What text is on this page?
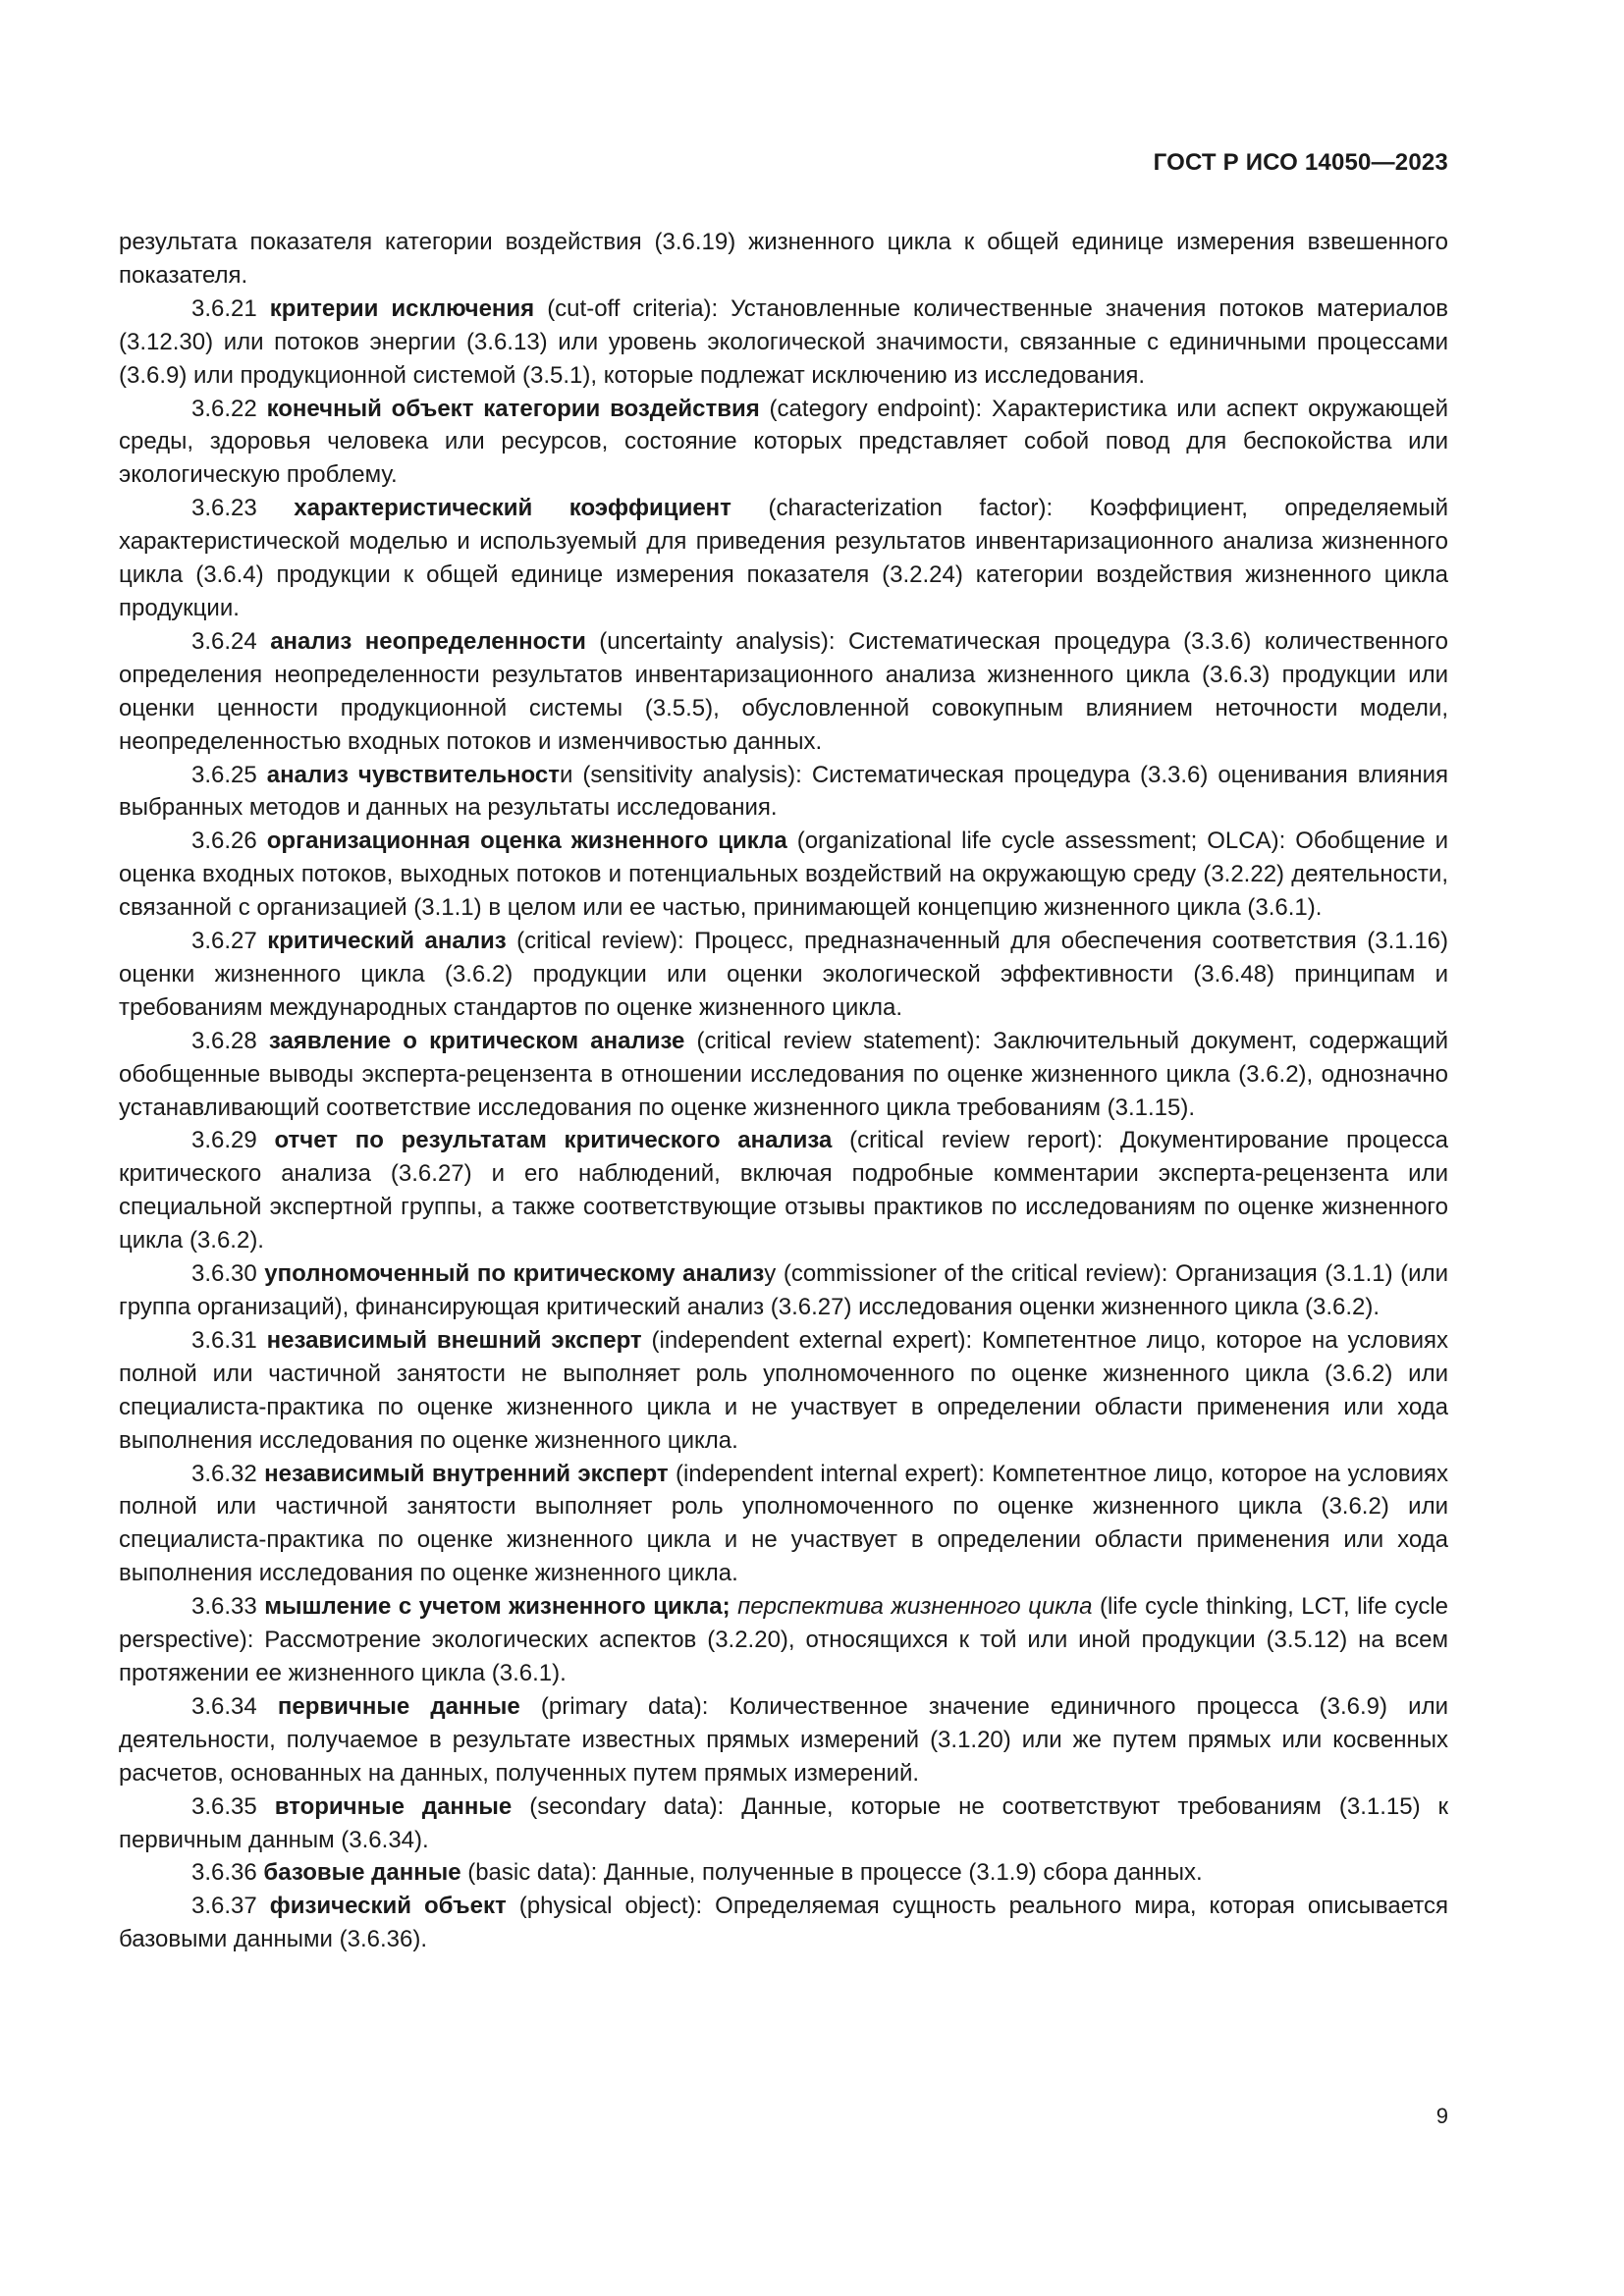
ГОСТ Р ИСО 14050—2023

результата показателя категории воздействия (3.6.19) жизненного цикла к общей единице измерения взвешенного показателя.

3.6.21 критерии исключения (cut-off criteria): Установленные количественные значения потоков материалов (3.12.30) или потоков энергии (3.6.13) или уровень экологической значимости, связанные с единичными процессами (3.6.9) или продукционной системой (3.5.1), которые подлежат исключению из исследования.

3.6.22 конечный объект категории воздействия (category endpoint): Характеристика или аспект окружающей среды, здоровья человека или ресурсов, состояние которых представляет собой повод для беспокойства или экологическую проблему.

3.6.23 характеристический коэффициент (characterization factor): Коэффициент, определяемый характеристической моделью и используемый для приведения результатов инвентаризационного анализа жизненного цикла (3.6.4) продукции к общей единице измерения показателя (3.2.24) категории воздействия жизненного цикла продукции.

3.6.24 анализ неопределенности (uncertainty analysis): Систематическая процедура (3.3.6) количественного определения неопределенности результатов инвентаризационного анализа жизненного цикла (3.6.3) продукции или оценки ценности продукционной системы (3.5.5), обусловленной совокупным влиянием неточности модели, неопределенностью входных потоков и изменчивостью данных.

3.6.25 анализ чувствительности (sensitivity analysis): Систематическая процедура (3.3.6) оценивания влияния выбранных методов и данных на результаты исследования.

3.6.26 организационная оценка жизненного цикла (organizational life cycle assessment; OLCA): Обобщение и оценка входных потоков, выходных потоков и потенциальных воздействий на окружающую среду (3.2.22) деятельности, связанной с организацией (3.1.1) в целом или ее частью, принимающей концепцию жизненного цикла (3.6.1).

3.6.27 критический анализ (critical review): Процесс, предназначенный для обеспечения соответствия (3.1.16) оценки жизненного цикла (3.6.2) продукции или оценки экологической эффективности (3.6.48) принципам и требованиям международных стандартов по оценке жизненного цикла.

3.6.28 заявление о критическом анализе (critical review statement): Заключительный документ, содержащий обобщенные выводы эксперта-рецензента в отношении исследования по оценке жизненного цикла (3.6.2), однозначно устанавливающий соответствие исследования по оценке жизненного цикла требованиям (3.1.15).

3.6.29 отчет по результатам критического анализа (critical review report): Документирование процесса критического анализа (3.6.27) и его наблюдений, включая подробные комментарии эксперта-рецензента или специальной экспертной группы, а также соответствующие отзывы практиков по исследованиям по оценке жизненного цикла (3.6.2).

3.6.30 уполномоченный по критическому анализу (commissioner of the critical review): Организация (3.1.1) (или группа организаций), финансирующая критический анализ (3.6.27) исследования оценки жизненного цикла (3.6.2).

3.6.31 независимый внешний эксперт (independent external expert): Компетентное лицо, которое на условиях полной или частичной занятости не выполняет роль уполномоченного по оценке жизненного цикла (3.6.2) или специалиста-практика по оценке жизненного цикла и не участвует в определении области применения или хода выполнения исследования по оценке жизненного цикла.

3.6.32 независимый внутренний эксперт (independent internal expert): Компетентное лицо, которое на условиях полной или частичной занятости выполняет роль уполномоченного по оценке жизненного цикла (3.6.2) или специалиста-практика по оценке жизненного цикла и не участвует в определении области применения или хода выполнения исследования по оценке жизненного цикла.

3.6.33 мышление с учетом жизненного цикла; перспектива жизненного цикла (life cycle thinking, LCT, life cycle perspective): Рассмотрение экологических аспектов (3.2.20), относящихся к той или иной продукции (3.5.12) на всем протяжении ее жизненного цикла (3.6.1).

3.6.34 первичные данные (primary data): Количественное значение единичного процесса (3.6.9) или деятельности, получаемое в результате известных прямых измерений (3.1.20) или же путем прямых или косвенных расчетов, основанных на данных, полученных путем прямых измерений.

3.6.35 вторичные данные (secondary data): Данные, которые не соответствуют требованиям (3.1.15) к первичным данным (3.6.34).

3.6.36 базовые данные (basic data): Данные, полученные в процессе (3.1.9) сбора данных.

3.6.37 физический объект (physical object): Определяемая сущность реального мира, которая описывается базовыми данными (3.6.36).

9
